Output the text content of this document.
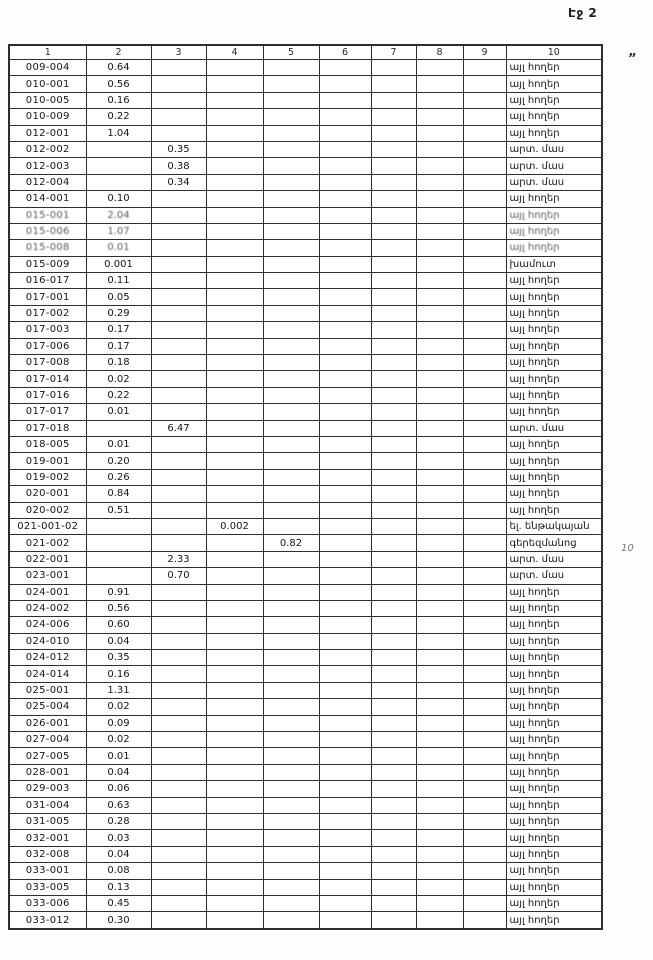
Էջ 2
”
10
1	2	3	4	5	6	7	8	9	10
009-004	0.64								այլ հողեր
010-001	0.56								այլ հողեր
010-005	0.16								այլ հողեր
010-009	0.22								այլ հողեր
012-001	1.04								այլ հողեր
012-002		0.35							արտ. մաս
012-003		0.38							արտ. մաս
012-004		0.34							արտ. մաս
014-001	0.10								այլ հողեր
015-001	2.04								այլ հողեր
015-006	1.07								այլ հողեր
015-008	0.01								այլ հողեր
015-009	0.001								խամուտ
016-017	0.11								այլ հողեր
017-001	0.05								այլ հողեր
017-002	0.29								այլ հողեր
017-003	0.17								այլ հողեր
017-006	0.17								այլ հողեր
017-008	0.18								այլ հողեր
017-014	0.02								այլ հողեր
017-016	0.22								այլ հողեր
017-017	0.01								այլ հողեր
017-018		6.47							արտ. մաս
018-005	0.01								այլ հողեր
019-001	0.20								այլ հողեր
019-002	0.26								այլ հողեր
020-001	0.84								այլ հողեր
020-002	0.51								այլ հողեր
021-001-02			0.002						ել. ենթակայան
021-002				0.82					գերեզմանոց
022-001		2.33							արտ. մաս
023-001		0.70							արտ. մաս
024-001	0.91								այլ հողեր
024-002	0.56								այլ հողեր
024-006	0.60								այլ հողեր
024-010	0.04								այլ հողեր
024-012	0.35								այլ հողեր
024-014	0.16								այլ հողեր
025-001	1.31								այլ հողեր
025-004	0.02								այլ հողեր
026-001	0.09								այլ հողեր
027-004	0.02								այլ հողեր
027-005	0.01								այլ հողեր
028-001	0.04								այլ հողեր
029-003	0.06								այլ հողեր
031-004	0.63								այլ հողեր
031-005	0.28								այլ հողեր
032-001	0.03								այլ հողեր
032-008	0.04								այլ հողեր
033-001	0.08								այլ հողեր
033-005	0.13								այլ հողեր
033-006	0.45								այլ հողեր
033-012	0.30								այլ հողեր
